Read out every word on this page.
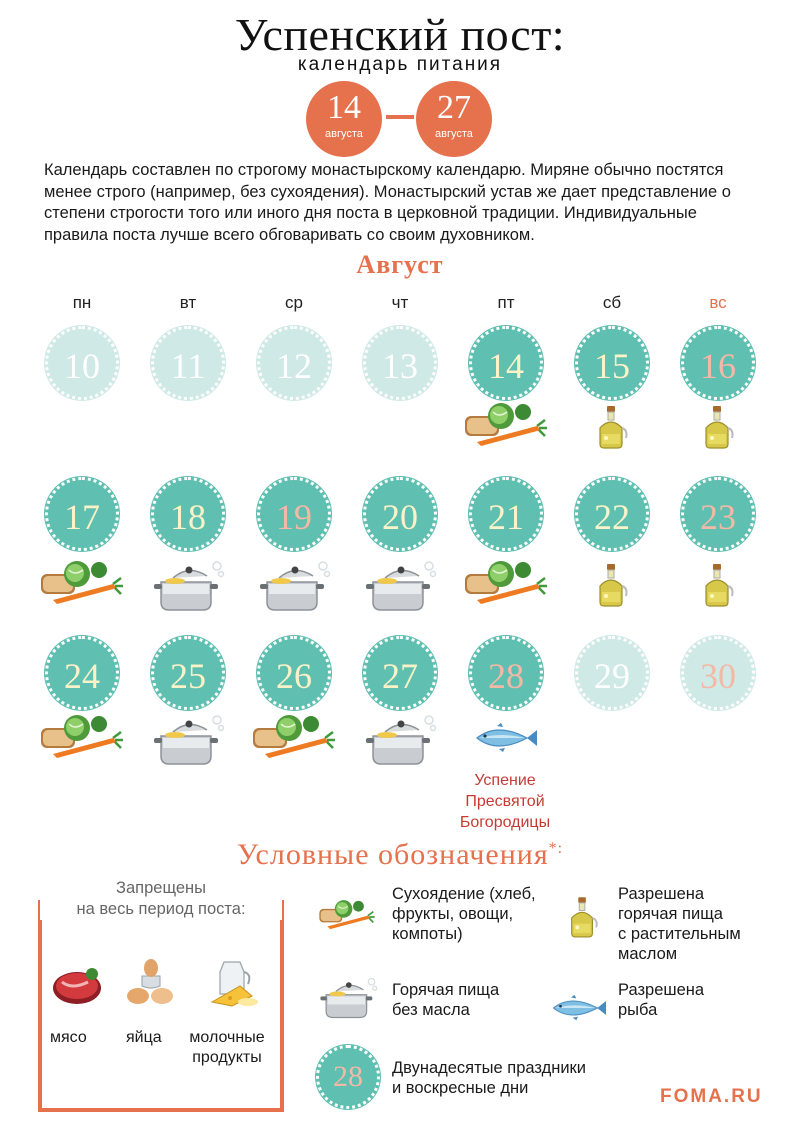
Успенский пост:
календарь питания
14
августа
27
августа
Календарь составлен по строгому монастырскому календарю. Миряне обычно постятся менее строго (например, без сухоядения). Монастырский устав же дает представление о степени строгости того или иного дня поста в церковной традиции. Индивидуальные правила поста лучше всего обговаривать со своим духовником.
Август
пн	вт	ср	чт	пт	сб	вс
10	11	12	13	14	15	16
17	18	19	20	21	22	23
24	25	26	27	28	29	30
Успение
Пресвятой
Богородицы
Условные обозначения*:
Запрещены
на весь период поста:
мясо яйца	молочные
продукты
Сухоядение (хлеб,
фрукты, овощи,
компоты)
Горячая пища
без масла
28	Двунадесятые праздники
и воскресные дни
Разрешена
горячая пища
с растительным
маслом
Разрешена
рыба
FOMA.RU
